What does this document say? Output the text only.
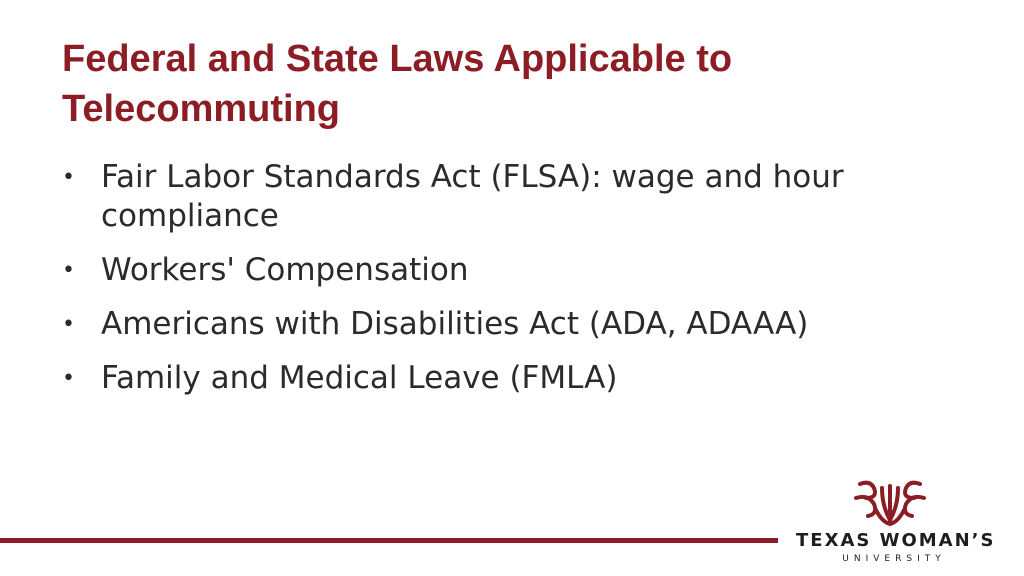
Federal and State Laws Applicable to Telecommuting
• Fair Labor Standards Act (FLSA): wage and hour compliance
• Workers' Compensation
• Americans with Disabilities Act (ADA, ADAAA)
• Family and Medical Leave (FMLA)
TEXAS WOMAN’S
UNIVERSITY
